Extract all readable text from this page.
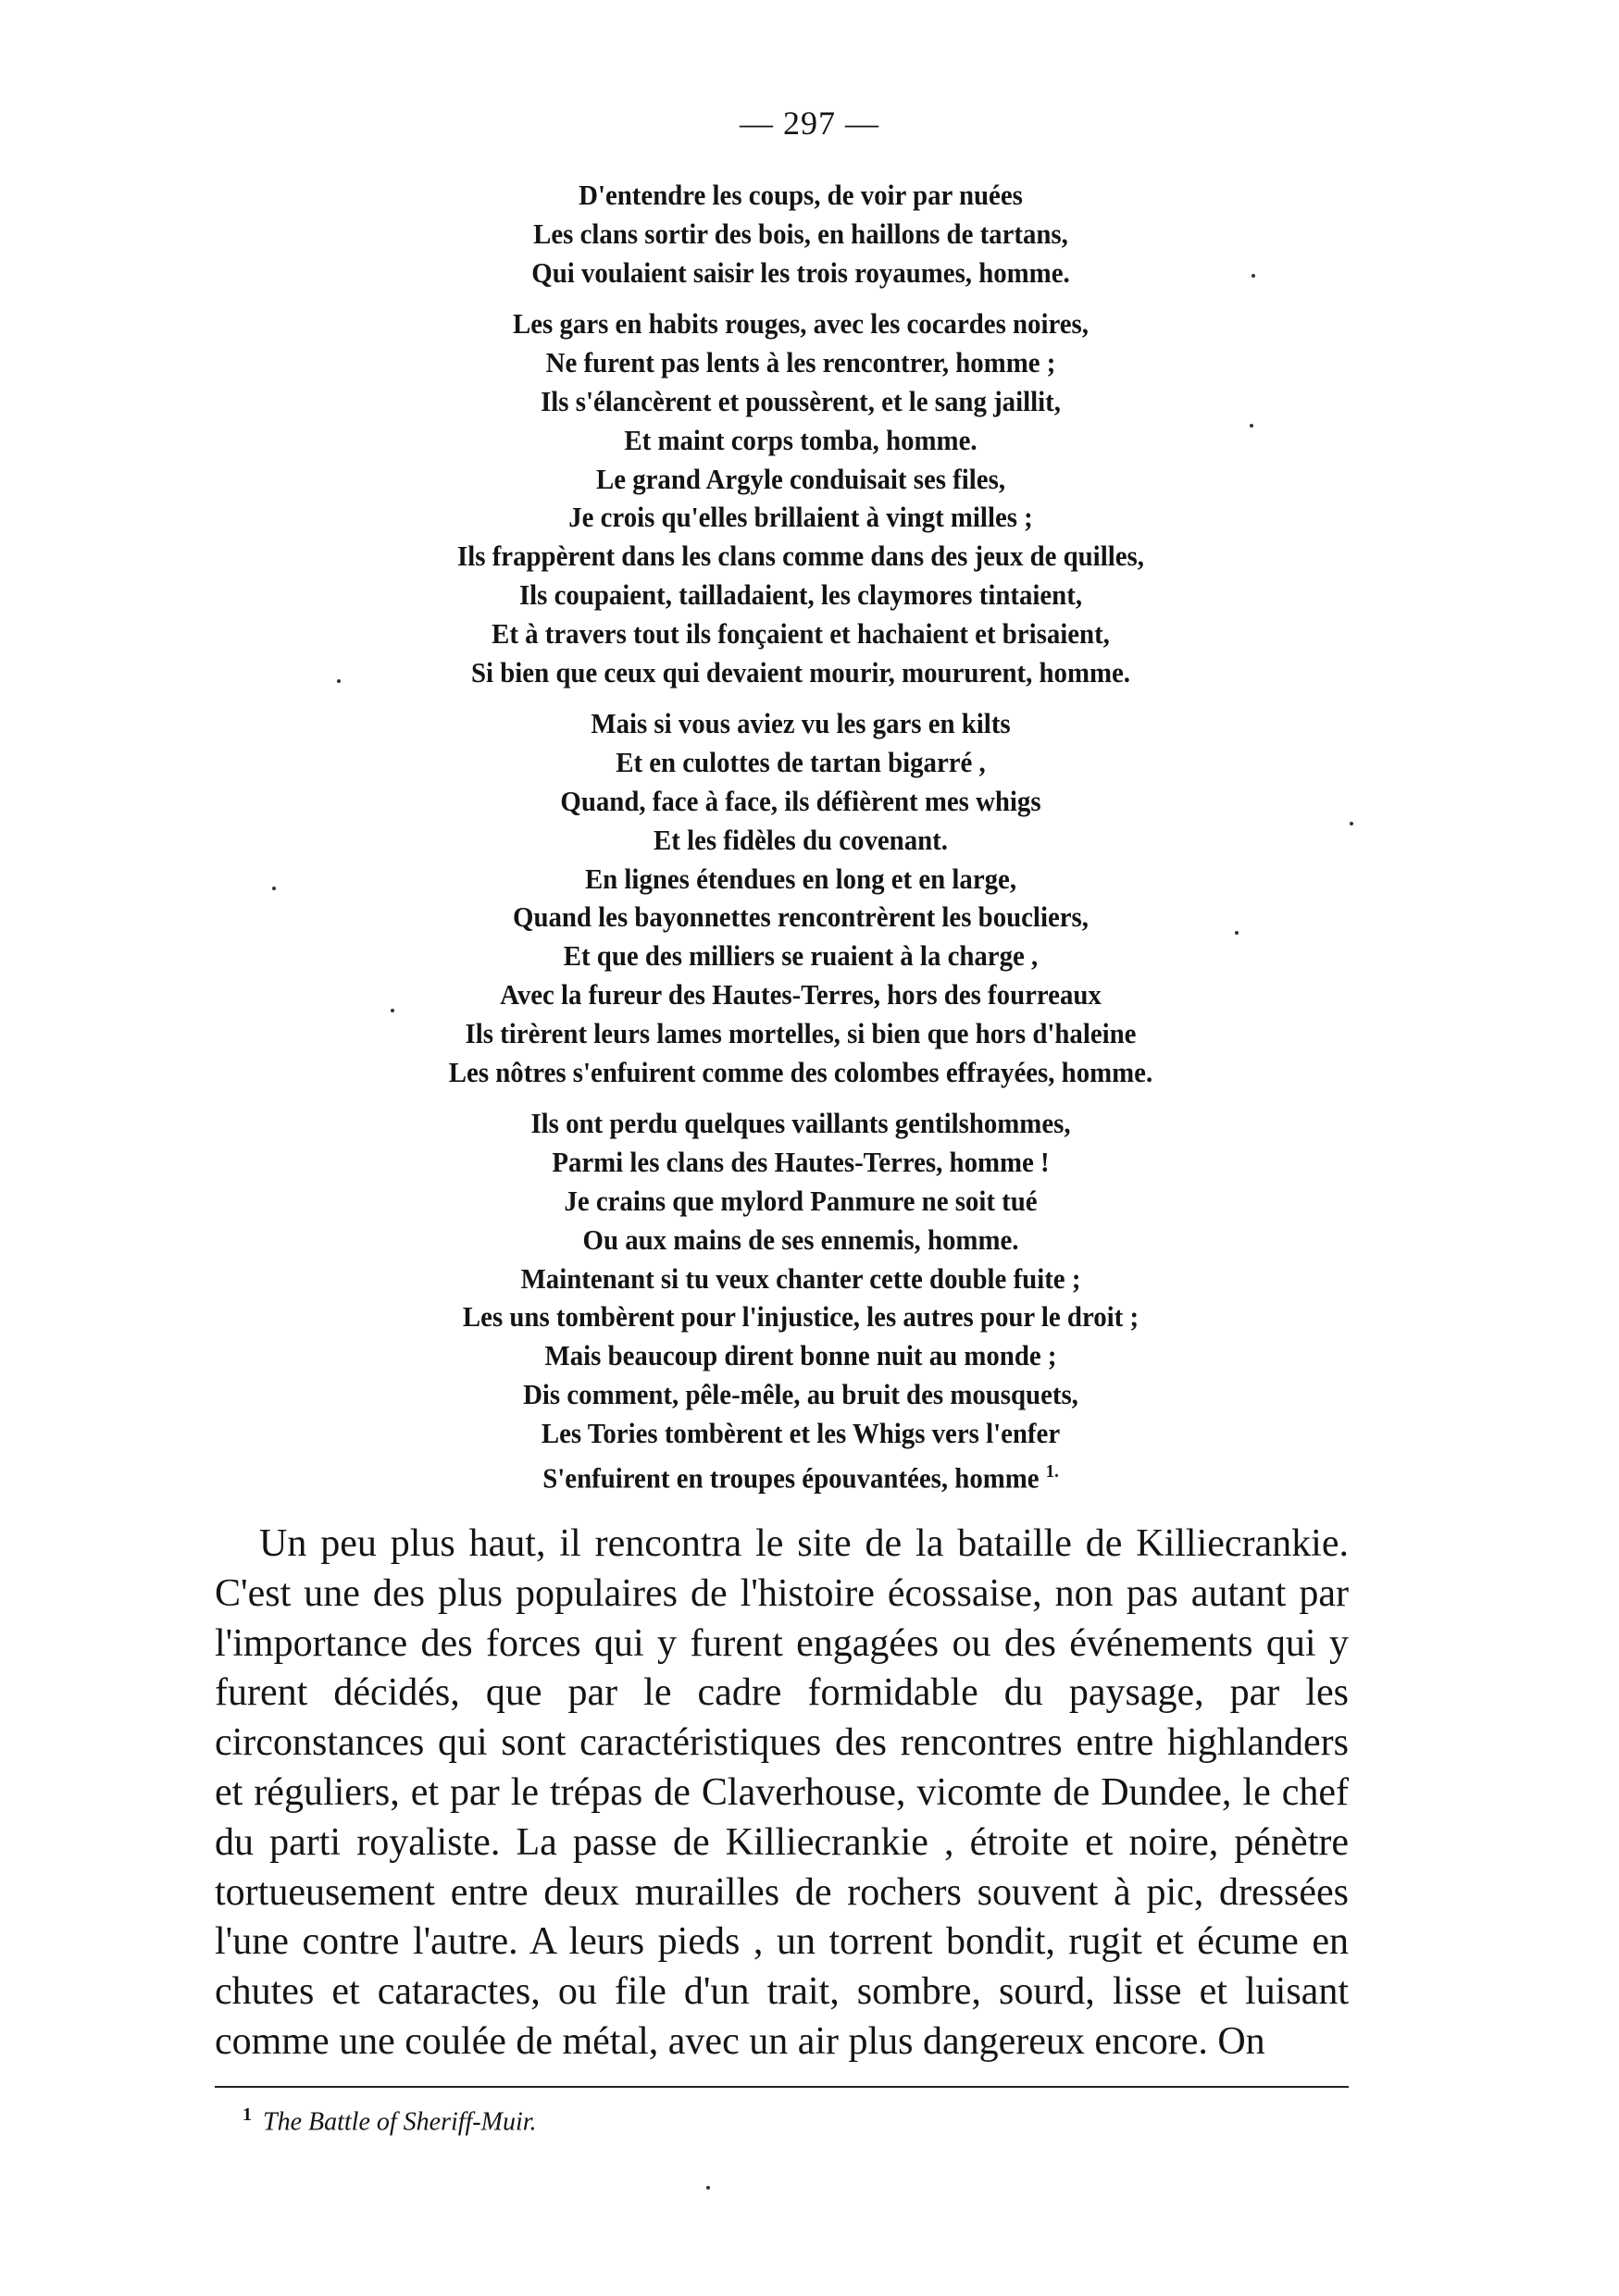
— 297 —
D'entendre les coups, de voir par nuées
Les clans sortir des bois, en haillons de tartans,
Qui voulaient saisir les trois royaumes, homme.
Les gars en habits rouges, avec les cocardes noires,
Ne furent pas lents à les rencontrer, homme ;
Ils s'élancèrent et poussèrent, et le sang jaillit,
Et maint corps tomba, homme.
Le grand Argyle conduisait ses files,
Je crois qu'elles brillaient à vingt milles ;
Ils frappèrent dans les clans comme dans des jeux de quilles,
Ils coupaient, tailladaient, les claymores tintaient,
Et à travers tout ils fonçaient et hachaient et brisaient,
Si bien que ceux qui devaient mourir, moururent, homme.
Mais si vous aviez vu les gars en kilts
Et en culottes de tartan bigarré ,
Quand, face à face, ils défièrent mes whigs
Et les fidèles du covenant.
En lignes étendues en long et en large,
Quand les bayonnettes rencontrèrent les boucliers,
Et que des milliers se ruaient à la charge ,
Avec la fureur des Hautes-Terres, hors des fourreaux
Ils tirèrent leurs lames mortelles, si bien que hors d'haleine
Les nôtres s'enfuirent comme des colombes effrayées, homme.
Ils ont perdu quelques vaillants gentilshommes,
Parmi les clans des Hautes-Terres, homme !
Je crains que mylord Panmure ne soit tué
Ou aux mains de ses ennemis, homme.
Maintenant si tu veux chanter cette double fuite ;
Les uns tombèrent pour l'injustice, les autres pour le droit ;
Mais beaucoup dirent bonne nuit au monde ;
Dis comment, pêle-mêle, au bruit des mousquets,
Les Tories tombèrent et les Whigs vers l'enfer
S'enfuirent en troupes épouvantées, homme $^{1.}$

Un peu plus haut, il rencontra le site de la bataille de Killiecrankie. C'est une des plus populaires de l'histoire écossaise, non pas autant par l'importance des forces qui y furent engagées ou des événements qui y furent décidés, que par le cadre formidable du paysage, par les circonstances qui sont caractéristiques des rencontres entre highlanders et réguliers, et par le trépas de Claverhouse, vicomte de Dundee, le chef du parti royaliste. La passe de Killiecrankie , étroite et noire, pénètre tortueusement entre deux murailles de rochers souvent à pic, dressées l'une contre l'autre. A leurs pieds , un torrent bondit, rugit et écume en chutes et cataractes, ou file d'un trait, sombre, sourd, lisse et luisant comme une coulée de métal, avec un air plus dangereux encore. On

$^1$ The Battle of Sheriff-Muir.
